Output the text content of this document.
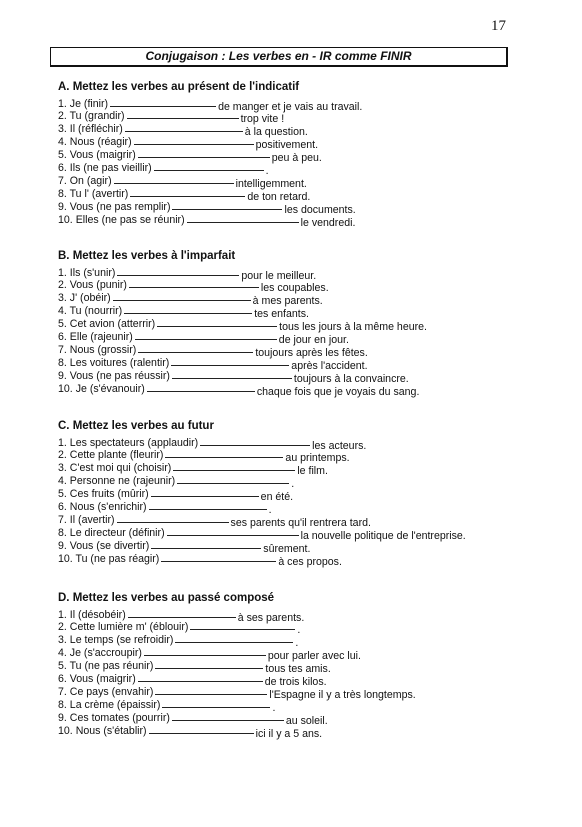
17
Conjugaison : Les verbes en - IR comme FINIR
A. Mettez les verbes au présent de l'indicatif
1. Je (finir)	de manger et je vais au travail.
2. Tu (grandir)	trop vite !
3. Il (réfléchir)	à la question.
4. Nous (réagir)	positivement.
5. Vous (maigrir)	peu à peu.
6. Ils (ne pas vieillir)	.
7. On (agir)	intelligemment.
8. Tu l' (avertir)	de ton retard.
9. Vous (ne pas remplir)	les documents.
10. Elles (ne pas se réunir)	le vendredi.
B. Mettez les verbes à l'imparfait
1. Ils (s'unir)	pour le meilleur.
2. Vous (punir)	les coupables.
3. J' (obéir)	à mes parents.
4. Tu (nourrir)	tes enfants.
5. Cet avion (atterrir)	tous les jours à la même heure.
6. Elle (rajeunir)	de jour en jour.
7. Nous (grossir)	toujours après les fêtes.
8. Les voitures (ralentir)	après l'accident.
9. Vous (ne pas réussir)	toujours à la convaincre.
10. Je (s'évanouir)	chaque fois que je voyais du sang.
C. Mettez les verbes au futur
1. Les spectateurs (applaudir)	les acteurs.
2. Cette plante (fleurir)	au printemps.
3. C'est moi qui (choisir)	le film.
4. Personne ne (rajeunir)	.
5. Ces fruits (mûrir)	en été.
6. Nous (s'enrichir)	.
7. Il (avertir)	ses parents qu'il rentrera tard.
8. Le directeur (définir)	la nouvelle politique de l'entreprise.
9. Vous (se divertir)	sûrement.
10. Tu (ne pas réagir)	à ces propos.
D. Mettez les verbes au passé composé
1. Il (désobéir)	à ses parents.
2. Cette lumière m' (éblouir)	.
3. Le temps (se refroidir)	.
4. Je (s'accroupir)	pour parler avec lui.
5. Tu (ne pas réunir)	tous tes amis.
6. Vous (maigrir)	de trois kilos.
7. Ce pays (envahir)	l'Espagne il y a très longtemps.
8. La crème (épaissir)	.
9. Ces tomates (pourrir)	au soleil.
10. Nous (s'établir)	ici il y a 5 ans.
